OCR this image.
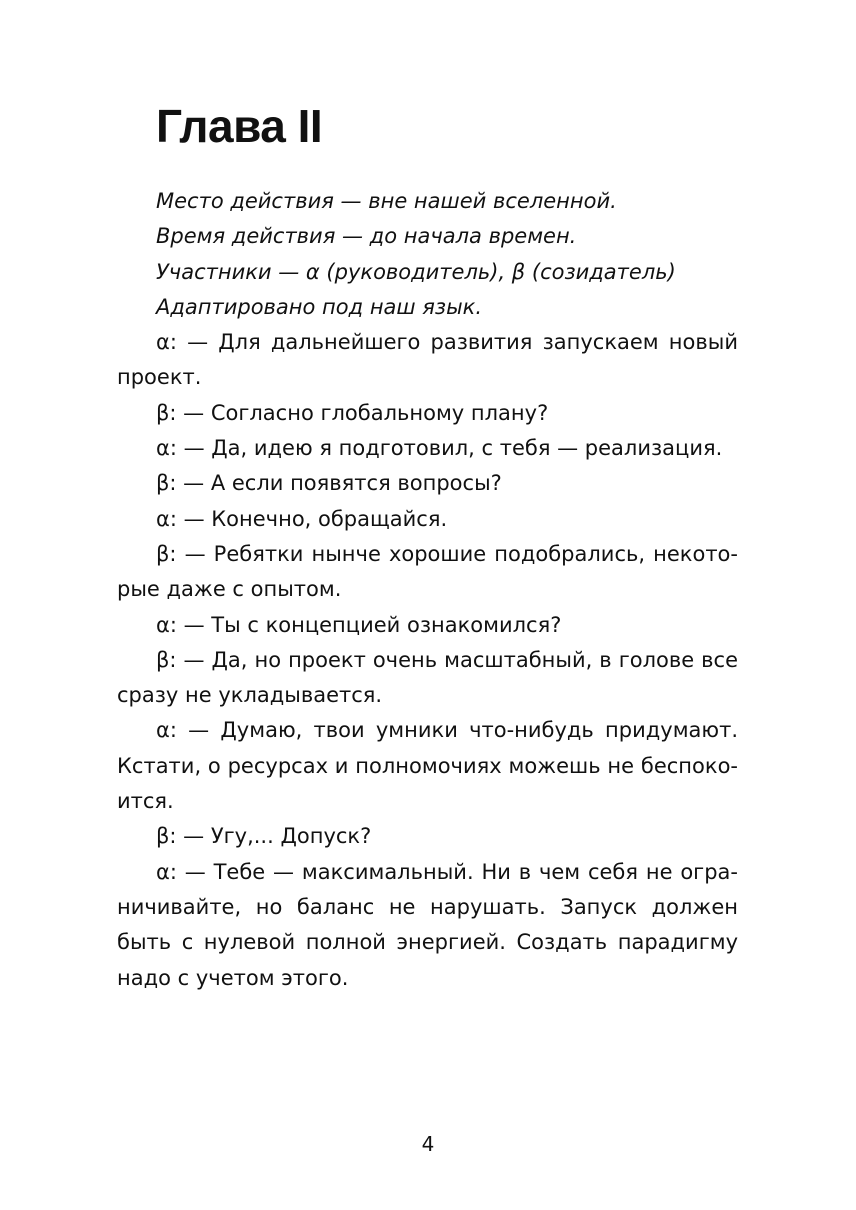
Глава II

Место действия — вне нашей вселенной.

Время действия — до начала времен.

Участники — α (руководитель), β (созидатель)

Адаптировано под наш язык.

α: — Для дальнейшего развития запускаем новый проект.

β: — Согласно глобальному плану?

α: — Да, идею я подготовил, с тебя — реализация.

β: — А если появятся вопросы?

α: — Конечно, обращайся.

β: — Ребятки нынче хорошие подобрались, некоторые даже с опытом.

α: — Ты с концепцией ознакомился?

β: — Да, но проект очень масштабный, в голове все сразу не укладывается.

α: — Думаю, твои умники что-нибудь придумают. Кстати, о ресурсах и полномочиях можешь не беспокоится.

β: — Угу,... Допуск?

α: — Тебе — максимальный. Ни в чем себя не ограничивайте, но баланс не нарушать. Запуск должен быть с нулевой полной энергией. Создать парадигму надо с учетом этого.

4
